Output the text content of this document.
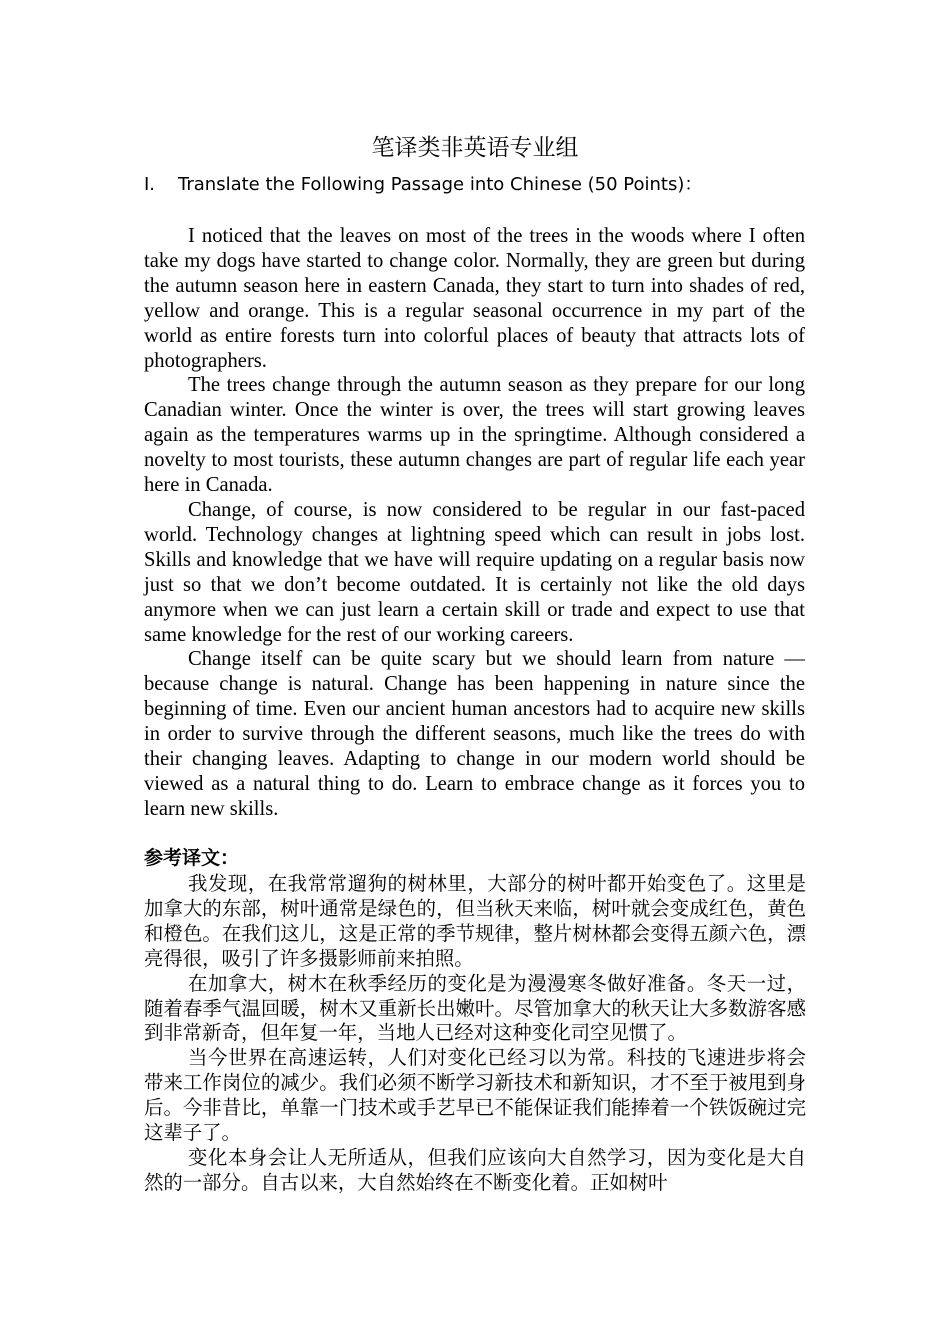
笔译类非英语专业组
I. Translate the Following Passage into Chinese (50 Points)：

I noticed that the leaves on most of the trees in the woods where I often take my dogs have started to change color. Normally, they are green but during the autumn season here in eastern Canada, they start to turn into shades of red, yellow and orange. This is a regular seasonal occurrence in my part of the world as entire forests turn into colorful places of beauty that attracts lots of photographers.

The trees change through the autumn season as they prepare for our long Canadian winter. Once the winter is over, the trees will start growing leaves again as the temperatures warms up in the springtime. Although considered a novelty to most tourists, these autumn changes are part of regular life each year here in Canada.

Change, of course, is now considered to be regular in our fast-paced world. Technology changes at lightning speed which can result in jobs lost. Skills and knowledge that we have will require updating on a regular basis now just so that we don’t become outdated. It is certainly not like the old days anymore when we can just learn a certain skill or trade and expect to use that same knowledge for the rest of our working careers.

Change itself can be quite scary but we should learn from nature — because change is natural. Change has been happening in nature since the beginning of time. Even our ancient human ancestors had to acquire new skills in order to survive through the different seasons, much like the trees do with their changing leaves. Adapting to change in our modern world should be viewed as a natural thing to do. Learn to embrace change as it forces you to learn new skills.

参考译文：

我发现，在我常常遛狗的树林里，大部分的树叶都开始变色了。这里是加拿大的东部，树叶通常是绿色的，但当秋天来临，树叶就会变成红色，黄色和橙色。在我们这儿，这是正常的季节规律，整片树林都会变得五颜六色，漂亮得很，吸引了许多摄影师前来拍照。

在加拿大，树木在秋季经历的变化是为漫漫寒冬做好准备。冬天一过，随着春季气温回暖，树木又重新长出嫩叶。尽管加拿大的秋天让大多数游客感到非常新奇，但年复一年，当地人已经对这种变化司空见惯了。

当今世界在高速运转，人们对变化已经习以为常。科技的飞速进步将会带来工作岗位的减少。我们必须不断学习新技术和新知识，才不至于被甩到身后。今非昔比，单靠一门技术或手艺早已不能保证我们能捧着一个铁饭碗过完这辈子了。

变化本身会让人无所适从，但我们应该向大自然学习，因为变化是大自然的一部分。自古以来，大自然始终在不断变化着。正如树叶
